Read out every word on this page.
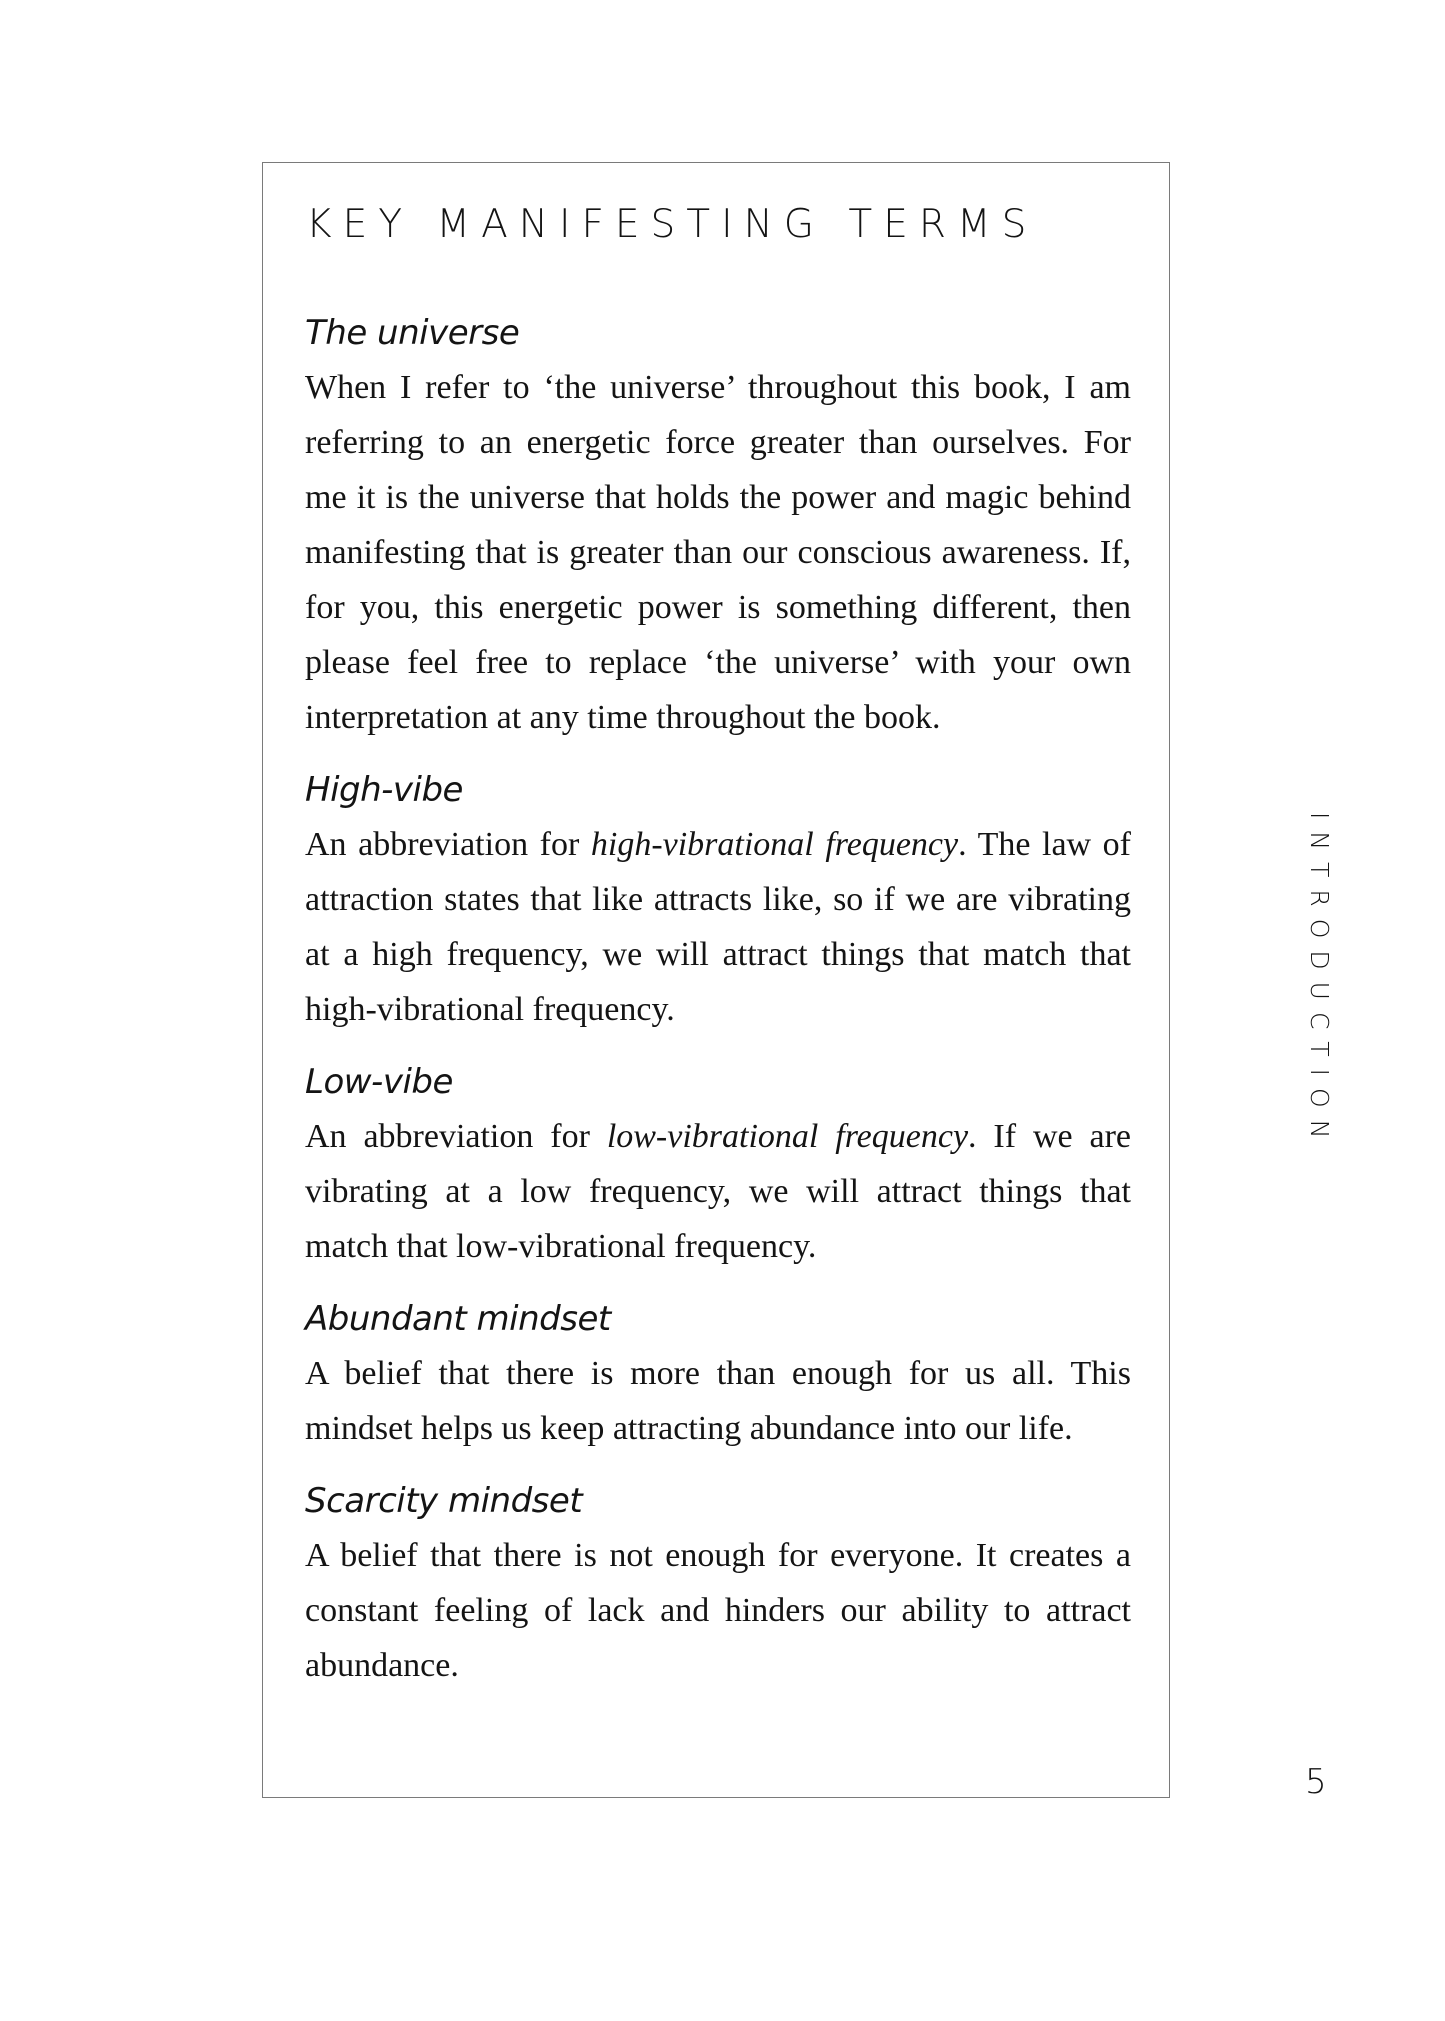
KEY MANIFESTING TERMS

The universe

When I refer to ‘the universe’ throughout this book, I am referring to an energetic force greater than ourselves. For me it is the universe that holds the power and magic behind manifesting that is greater than our conscious awareness. If, for you, this energetic power is something different, then please feel free to replace ‘the universe’ with your own interpretation at any time throughout the book.

High-vibe

An abbreviation for high-vibrational frequency. The law of attraction states that like attracts like, so if we are vibrating at a high frequency, we will attract things that match that high-vibrational frequency.

Low-vibe

An abbreviation for low-vibrational frequency. If we are vibrating at a low frequency, we will attract things that match that low-vibrational frequency.

Abundant mindset

A belief that there is more than enough for us all. This mindset helps us keep attracting abundance into our life.

Scarcity mindset

A belief that there is not enough for everyone. It creates a constant feeling of lack and hinders our ability to attract abundance.

INTRODUCTION
5
